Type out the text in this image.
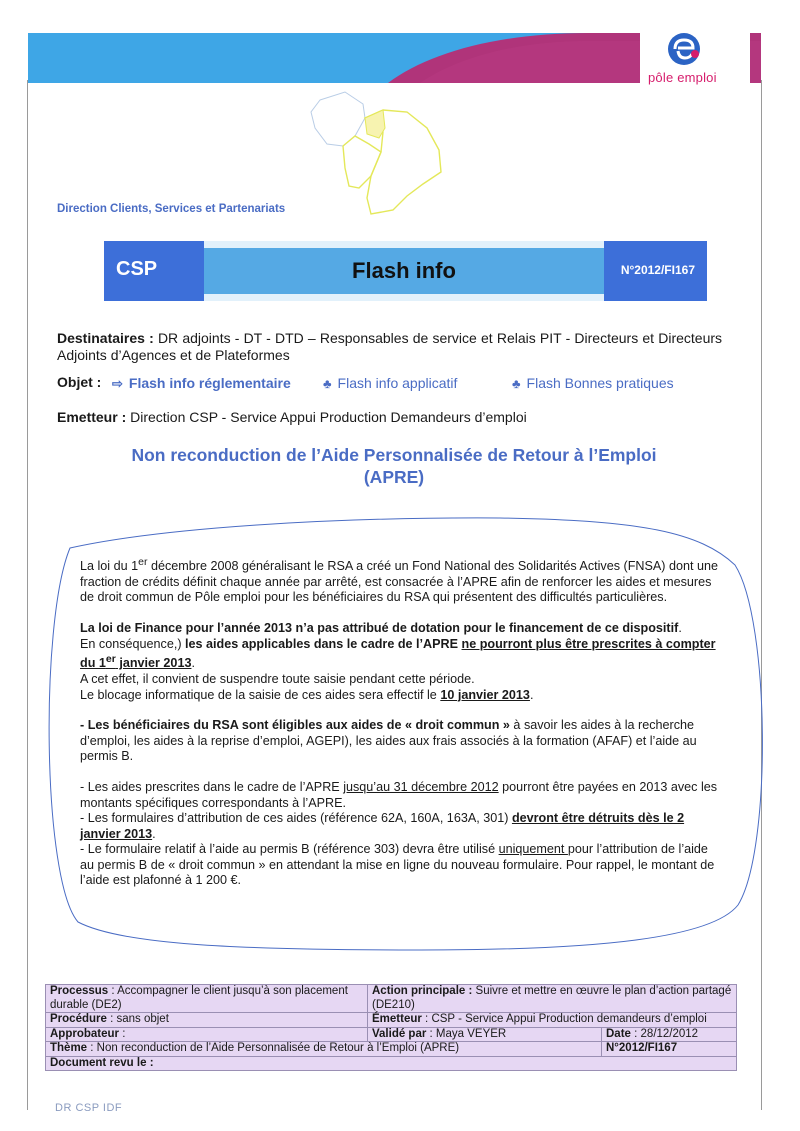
pôle emploi
Direction Clients, Services et Partenariats
CSP	Flash info	N°2012/FI167
Destinataires : DR adjoints - DT - DTD – Responsables de service et Relais PIT - Directeurs et Directeurs Adjoints d’Agences et de Plateformes
Objet : ⇨ Flash info réglementaire ♣ Flash info applicatif	♣ Flash Bonnes pratiques
Emetteur : Direction CSP - Service Appui Production Demandeurs d’emploi
Non reconduction de l’Aide Personnalisée de Retour à l’Emploi
(APRE)

La loi du 1er décembre 2008 généralisant le RSA a créé un Fond National des Solidarités Actives (FNSA) dont une fraction de crédits définit chaque année par arrêté, est consacrée à l’APRE afin de renforcer les aides et mesures de droit commun de Pôle emploi pour les bénéficiaires du RSA qui présentent des difficultés particulières.

La loi de Finance pour l’année 2013 n’a pas attribué de dotation pour le financement de ce dispositif.

En conséquence,) les aides applicables dans le cadre de l’APRE ne pourront plus être prescrites à compter du 1er janvier 2013.

A cet effet, il convient de suspendre toute saisie pendant cette période.

Le blocage informatique de la saisie de ces aides sera effectif le 10 janvier 2013.

- Les bénéficiaires du RSA sont éligibles aux aides de « droit commun » à savoir les aides à la recherche d’emploi, les aides à la reprise d’emploi, AGEPI), les aides aux frais associés à la formation (AFAF) et l’aide au permis B.

- Les aides prescrites dans le cadre de l’APRE jusqu’au 31 décembre 2012 pourront être payées en 2013 avec les montants spécifiques correspondants à l’APRE.

- Les formulaires d’attribution de ces aides (référence 62A, 160A, 163A, 301) devront être détruits dès le 2 janvier 2013.

- Le formulaire relatif à l’aide au permis B (référence 303) devra être utilisé uniquement pour l’attribution de l’aide au permis B de « droit commun » en attendant la mise en ligne du nouveau formulaire. Pour rappel, le montant de l’aide est plafonné à 1 200 €.

Processus : Accompagner le client jusqu’à son placement durable (DE2)	Action principale : Suivre et mettre en œuvre le plan d’action partagé (DE210)	
Procédure : sans objet	Émetteur : CSP - Service Appui Production demandeurs d’emploi	
Approbateur :	Validé par : Maya VEYER	Date : 28/12/2012
Thème : Non reconduction de l’Aide Personnalisée de Retour à l’Emploi (APRE)		N°2012/FI167
Document revu le :		
DR CSP IDF
